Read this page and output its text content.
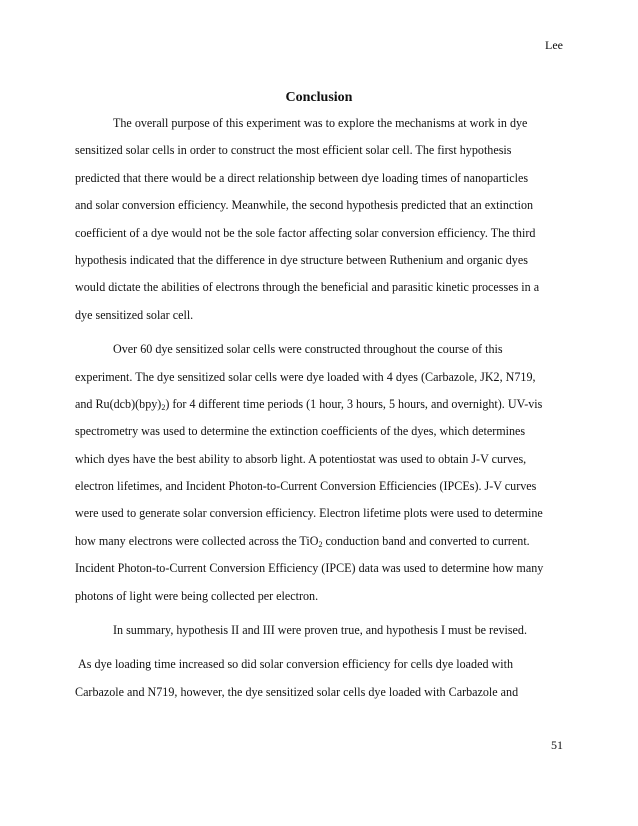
Lee
Conclusion
The overall purpose of this experiment was to explore the mechanisms at work in dye
sensitized solar cells in order to construct the most efficient solar cell. The first hypothesis
predicted that there would be a direct relationship between dye loading times of nanoparticles
and solar conversion efficiency. Meanwhile, the second hypothesis predicted that an extinction
coefficient of a dye would not be the sole factor affecting solar conversion efficiency. The third
hypothesis indicated that the difference in dye structure between Ruthenium and organic dyes
would dictate the abilities of electrons through the beneficial and parasitic kinetic processes in a
dye sensitized solar cell.
Over 60 dye sensitized solar cells were constructed throughout the course of this
experiment. The dye sensitized solar cells were dye loaded with 4 dyes (Carbazole, JK2, N719,
and $Ru(dcb)(bpy)_2$) for 4 different time periods (1 hour, 3 hours, 5 hours, and overnight). UV-vis
spectrometry was used to determine the extinction coefficients of the dyes, which determines
which dyes have the best ability to absorb light. A potentiostat was used to obtain J-V curves,
electron lifetimes, and Incident Photon-to-Current Conversion Efficiencies (IPCEs). J-V curves
were used to generate solar conversion efficiency. Electron lifetime plots were used to determine
how many electrons were collected across the TiO$_2$ conduction band and converted to current.
Incident Photon-to-Current Conversion Efficiency (IPCE) data was used to determine how many
photons of light were being collected per electron.
In summary, hypothesis II and III were proven true, and hypothesis I must be revised.
As dye loading time increased so did solar conversion efficiency for cells dye loaded with
Carbazole and N719, however, the dye sensitized solar cells dye loaded with Carbazole and
51
